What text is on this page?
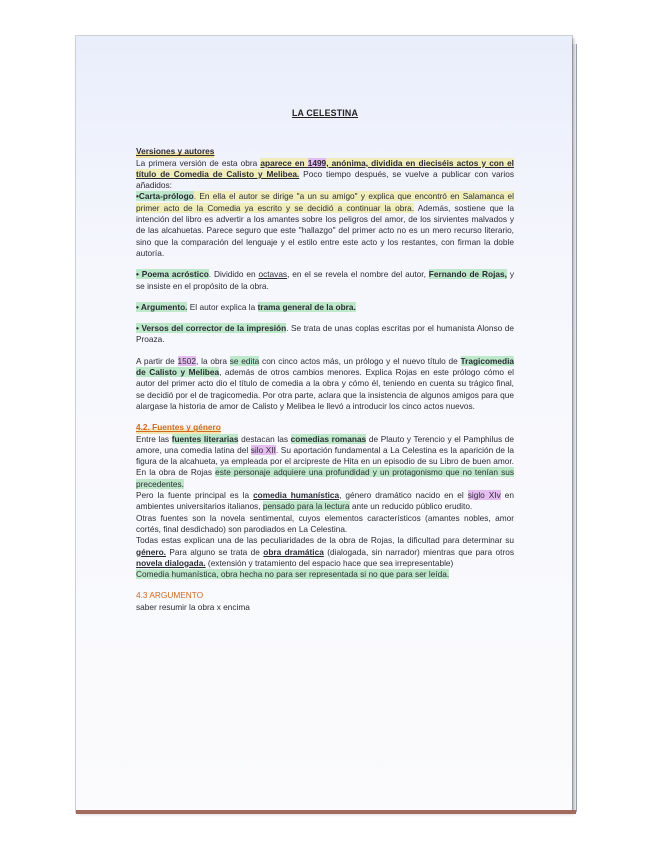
LA CELESTINA
Versiones y autores

La primera versión de esta obra aparece en 1499, anónima, dividida en dieciséis actos y con el título de Comedia de Calisto y Melibea. Poco tiempo después, se vuelve a publicar con varios añadidos:

•Carta-prólogo. En ella el autor se dirige "a un su amigo" y explica que encontró en Salamanca el primer acto de la Comedia ya escrito y se decidió a continuar la obra. Además, sostiene que la intención del libro es advertir a los amantes sobre los peligros del amor, de los sirvientes malvados y de las alcahuetas. Parece seguro que este "hallazgo" del primer acto no es un mero recurso literario, sino que la comparación del lenguaje y el estilo entre este acto y los restantes, con firman la doble autoría.

• Poema acróstico. Dividido en octavas, en el se revela el nombre del autor, Fernando de Rojas, y se insiste en el propósito de la obra.

• Argumento. El autor explica la trama general de la obra.

• Versos del corrector de la impresión. Se trata de unas coplas escritas por el humanista Alonso de Proaza.

A partir de 1502, la obra se edita con cinco actos más, un prólogo y el nuevo título de Tragicomedia de Calisto y Melibea, además de otros cambios menores. Explica Rojas en este prólogo cómo el autor del primer acto dio el título de comedia a la obra y cómo él, teniendo en cuenta su trágico final, se decidió por el de tragicomedia. Por otra parte, aclara que la insistencia de algunos amigos para que alargase la historia de amor de Calisto y Melibea le llevó a introducir los cinco actos nuevos.

4.2. Fuentes y género

Entre las fuentes literarias destacan las comedias romanas de Plauto y Terencio y el Pamphilus de amore, una comedia latina del silo XII. Su aportación fundamental a La Celestina es la aparición de la figura de la alcahueta, ya empleada por el arcipreste de Hita en un episodio de su Libro de buen amor. En la obra de Rojas este personaje adquiere una profundidad y un protagonismo que no tenían sus precedentes.

Pero la fuente principal es la comedia humanística, género dramático nacido en el siglo XIv en ambientes universitarios italianos, pensado para la lectura ante un reducido público erudito.

Otras fuentes son la novela sentimental, cuyos elementos característicos (amantes nobles, amor cortés, final desdichado) son parodiados en La Celestina.

Todas estas explican una de las peculiaridades de la obra de Rojas, la dificultad para determinar su género. Para alguno se trata de obra dramática (dialogada, sin narrador) mientras que para otros novela dialogada. (extensión y tratamiento del espacio hace que sea irrepresentable)

Comedia humanística, obra hecha no para ser representada si no que para ser leída.

4.3 ARGUMENTO

saber resumir la obra x encima
